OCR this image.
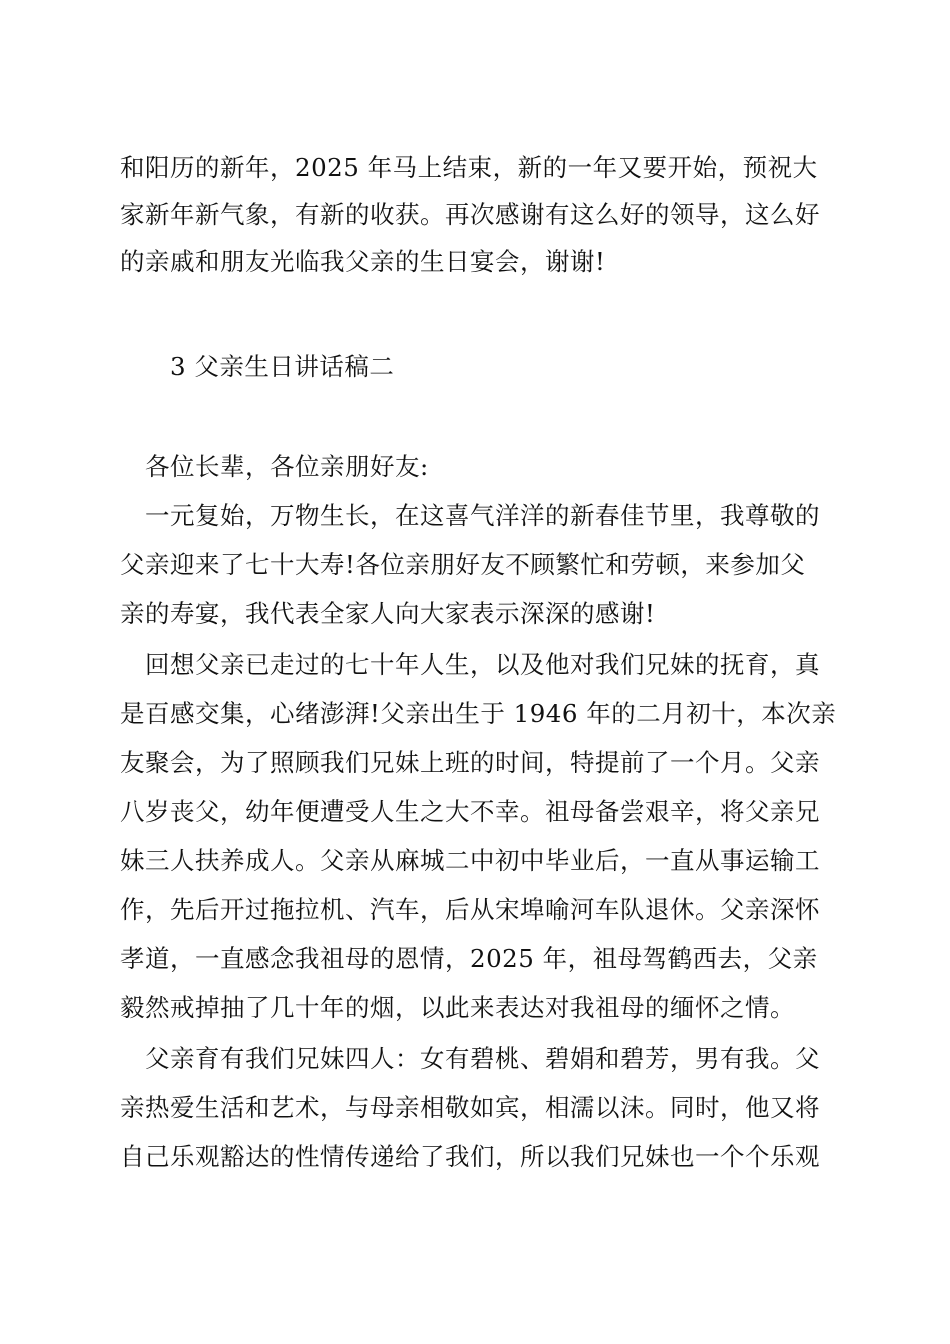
和阳历的新年，2025 年马上结束，新的一年又要开始，预祝大
家新年新气象，有新的收获。再次感谢有这么好的领导，这么好
的亲戚和朋友光临我父亲的生日宴会，谢谢!
3 父亲生日讲话稿二
各位长辈，各位亲朋好友:
一元复始，万物生长，在这喜气洋洋的新春佳节里，我尊敬的
父亲迎来了七十大寿!各位亲朋好友不顾繁忙和劳顿，来参加父
亲的寿宴，我代表全家人向大家表示深深的感谢!
回想父亲已走过的七十年人生，以及他对我们兄妹的抚育，真
是百感交集，心绪澎湃!父亲出生于 1946 年的二月初十，本次亲
友聚会，为了照顾我们兄妹上班的时间，特提前了一个月。父亲
八岁丧父，幼年便遭受人生之大不幸。祖母备尝艰辛，将父亲兄
妹三人扶养成人。父亲从麻城二中初中毕业后，一直从事运输工
作，先后开过拖拉机、汽车，后从宋埠喻河车队退休。父亲深怀
孝道，一直感念我祖母的恩情，2025 年，祖母驾鹤西去，父亲
毅然戒掉抽了几十年的烟，以此来表达对我祖母的缅怀之情。
父亲育有我们兄妹四人：女有碧桃、碧娟和碧芳，男有我。父
亲热爱生活和艺术，与母亲相敬如宾，相濡以沫。同时，他又将
自己乐观豁达的性情传递给了我们，所以我们兄妹也一个个乐观
